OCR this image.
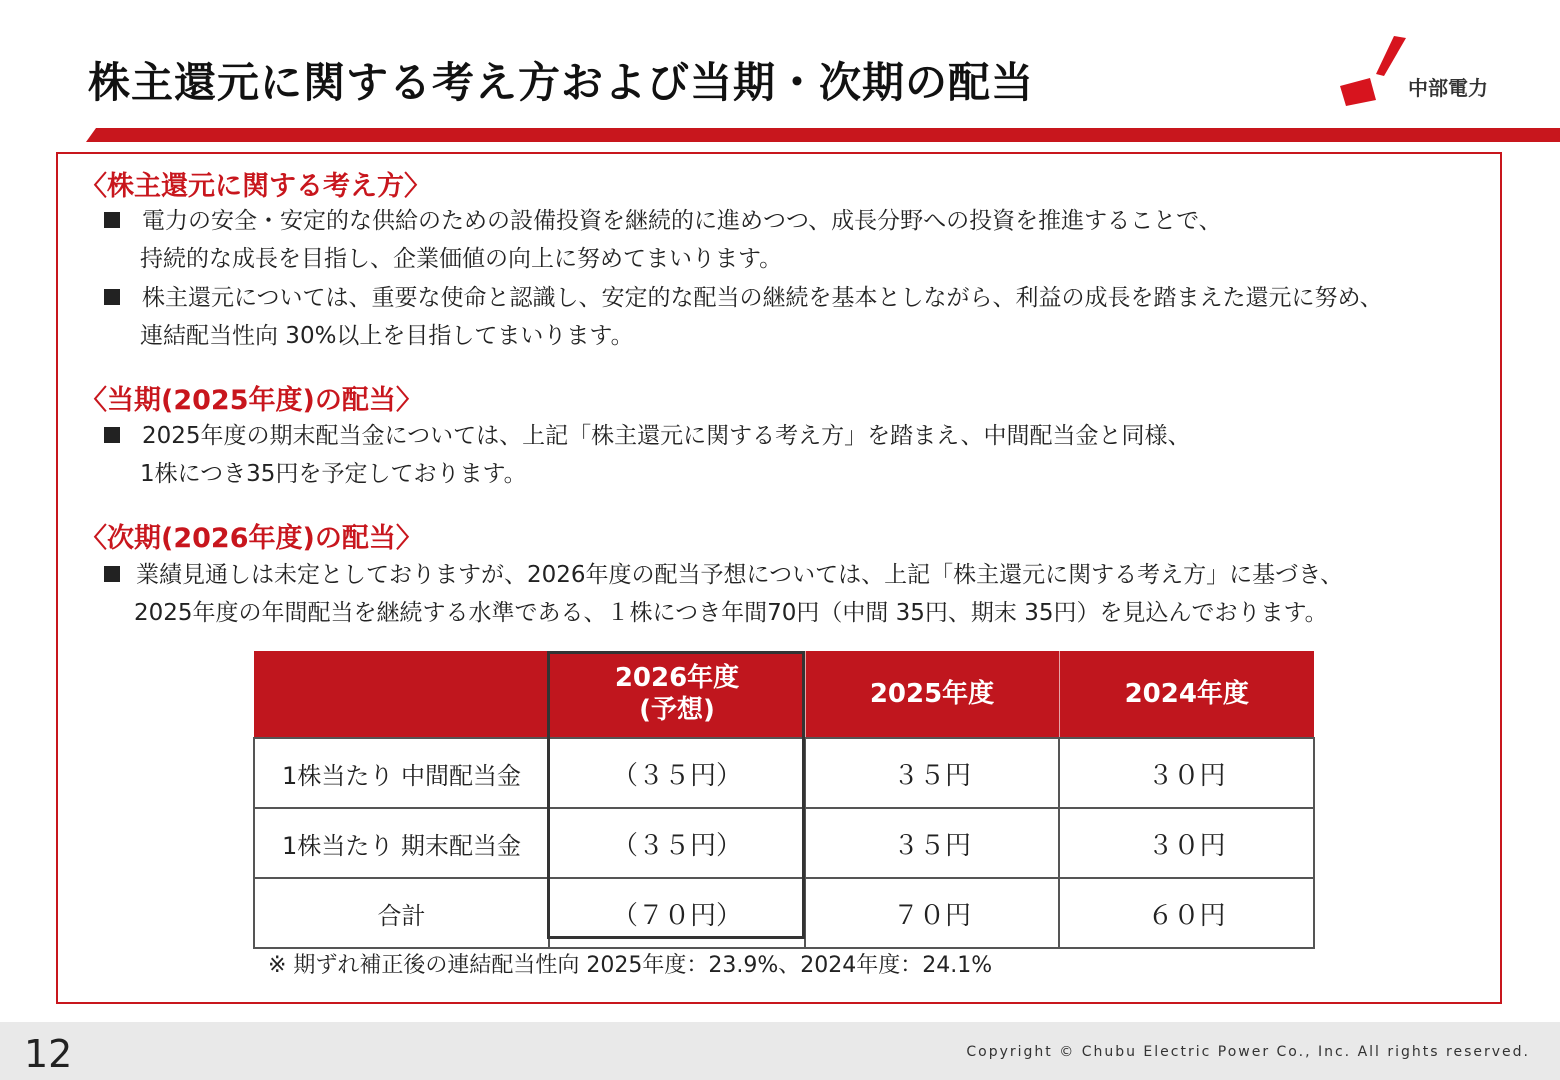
株主還元に関する考え方および当期・次期の配当	中部電力
〈株主還元に関する考え方〉
電力の安全・安定的な供給のための設備投資を継続的に進めつつ、成長分野への投資を推進することで、
持続的な成長を目指し、企業価値の向上に努めてまいります。
株主還元については、重要な使命と認識し、安定的な配当の継続を基本としながら、利益の成長を踏まえた還元に努め、
連結配当性向 30%以上を目指してまいります。
〈当期(2025年度)の配当〉
2025年度の期末配当金については、上記「株主還元に関する考え方」を踏まえ、中間配当金と同様、
1株につき35円を予定しております。
〈次期(2026年度)の配当〉
業績見通しは未定としておりますが、2026年度の配当予想については、上記「株主還元に関する考え方」に基づき、
2025年度の年間配当を継続する水準である、１株につき年間70円（中間 35円、期末 35円）を見込んでおります。
	2026年度
(予想)	2025年度	2024年度
1株当たり 中間配当金	（３５円）	３５円	３０円
1株当たり 期末配当金	（３５円）	３５円	３０円
合計	（７０円）	７０円	６０円
※ 期ずれ補正後の連結配当性向 2025年度：23.9%、2024年度：24.1%
12	Copyright © Chubu Electric Power Co., Inc. All rights reserved.
